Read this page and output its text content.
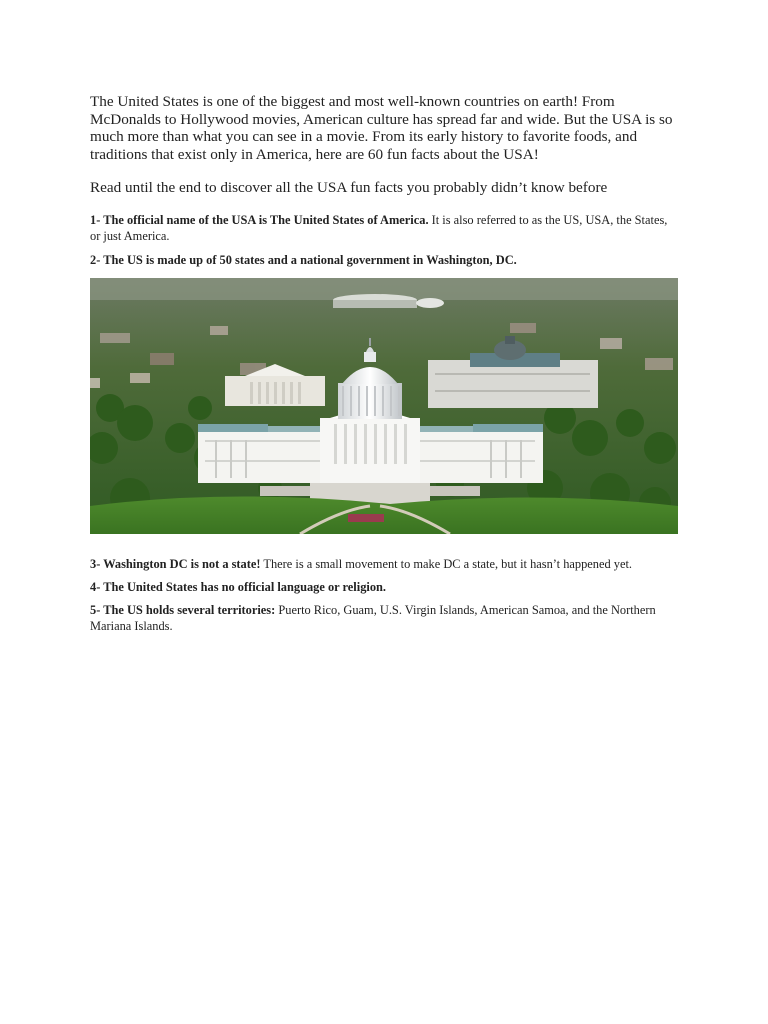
The United States is one of the biggest and most well-known countries on earth! From McDonalds to Hollywood movies, American culture has spread far and wide. But the USA is so much more than what you can see in a movie. From its early history to favorite foods, and traditions that exist only in America, here are 60 fun facts about the USA!

Read until the end to discover all the USA fun facts you probably didn’t know before

1- The official name of the USA is The United States of America. It is also referred to as the US, USA, the States, or just America.

2- The US is made up of 50 states and a national government in Washington, DC.

3- Washington DC is not a state! There is a small movement to make DC a state, but it hasn’t happened yet.

4- The United States has no official language or religion.

5- The US holds several territories: Puerto Rico, Guam, U.S. Virgin Islands, American Samoa, and the Northern Mariana Islands.
